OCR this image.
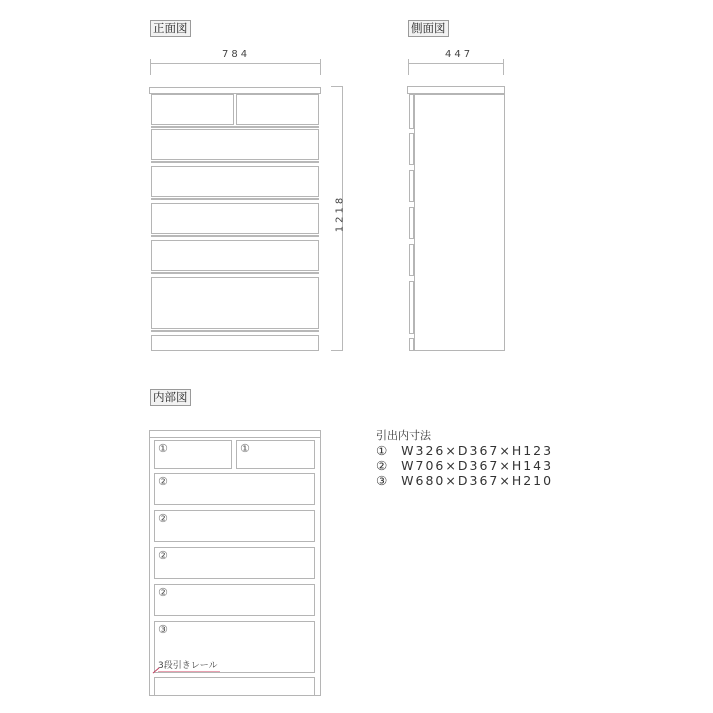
正面図
784
1218
側面図
447
内部図
①	①
②
②
②
②
③
3段引きレール
引出内寸法
① W326×D367×H123
② W706×D367×H143
③ W680×D367×H210
